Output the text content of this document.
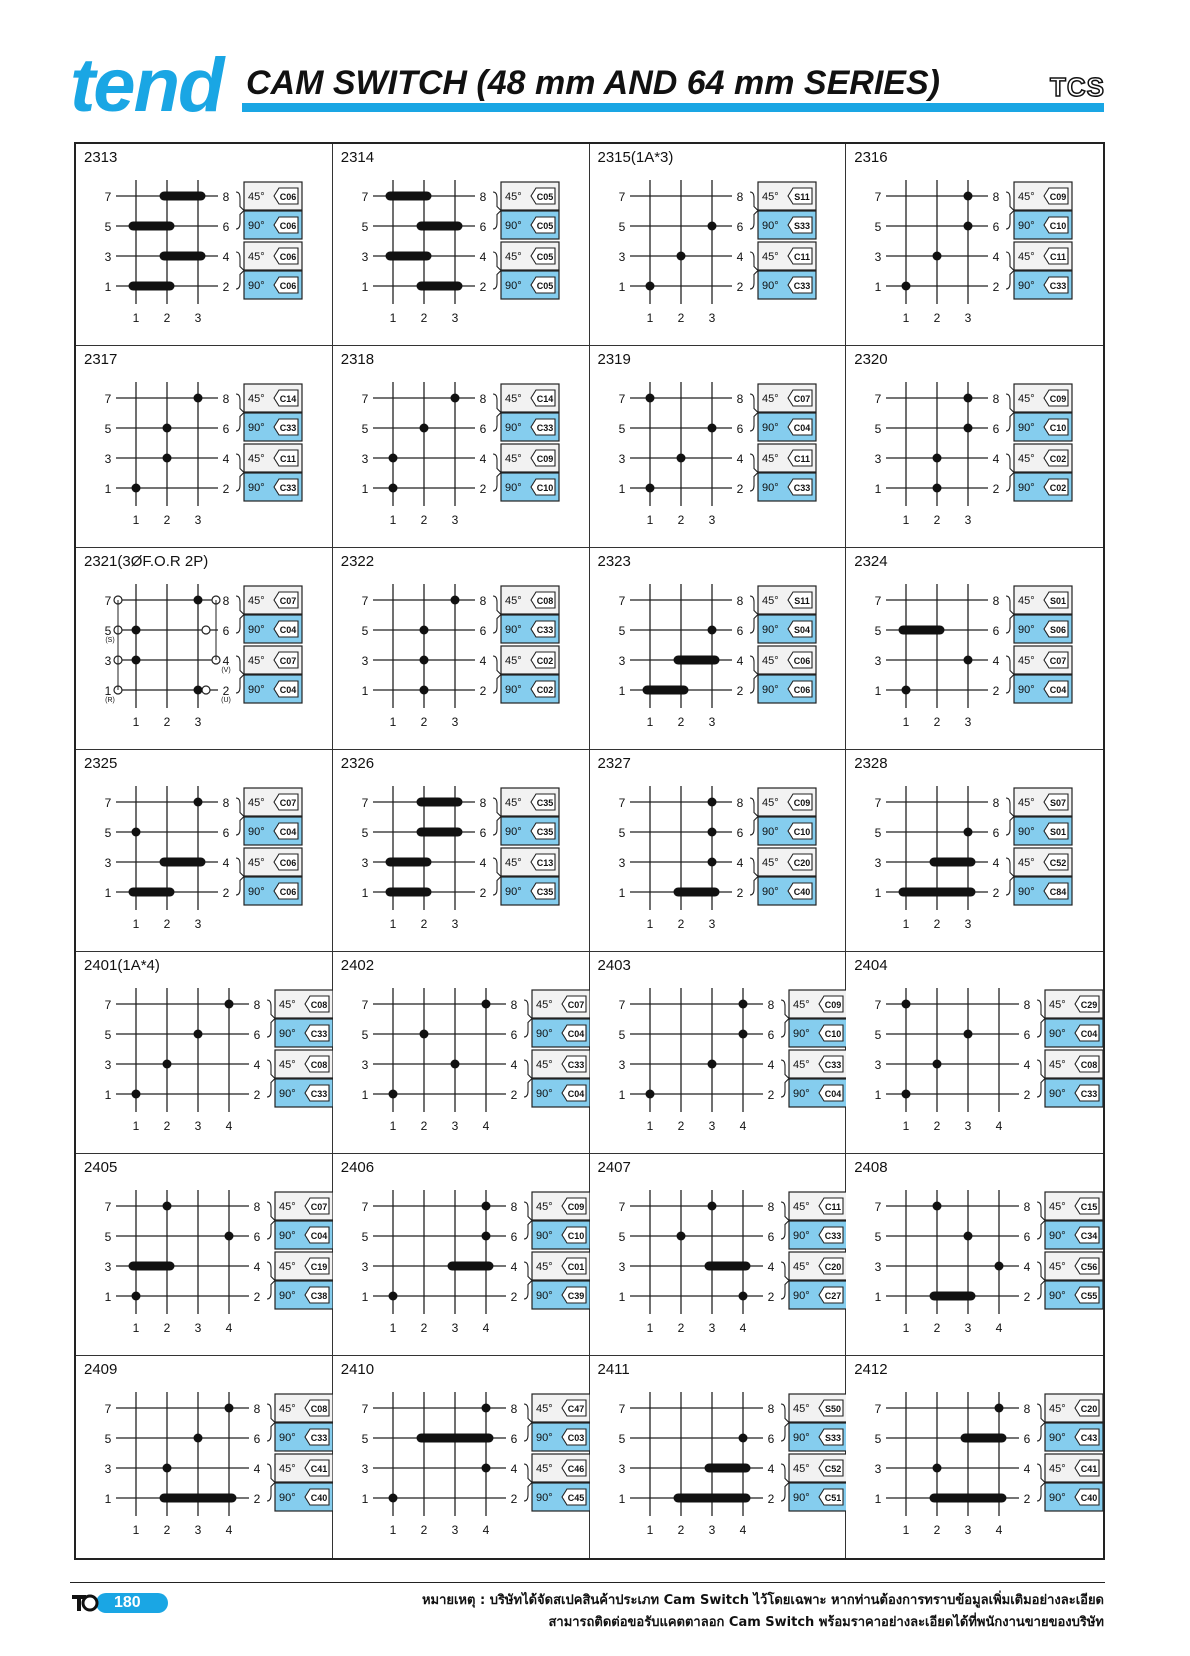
tend CAM SWITCH (48 mm AND 64 mm SERIES)	TCS
2313
7	8
5	6
3	4
1	2
1 2 3
45° C06
90° C06
45° C06
90° C06
2314
7	8
5	6
3	4
1	2
1 2 3
45° C05
90° C05
45° C05
90° C05
2315(1A*3)
7	8
5	6
3	4
1	2
1 2 3
45° S11
90° S33
45° C11
90° C33
2316
7	8
5	6
3	4
1	2
1 2 3
45° C09
90° C10
45° C11
90° C33
2317
7	8
5	6
3	4
1	2
1 2 3
45° C14
90° C33
45° C11
90° C33
2318
7	8
5	6
3	4
1	2
1 2 3
45° C14
90° C33
45° C09
90° C10
2319
7	8
5	6
3	4
1	2
1 2 3
45° C07
90° C04
45° C11
90° C33
2320
7	8
5	6
3	4
1	2
1 2 3
45° C09
90° C10
45° C02
90° C02
2321(3ØF.O.R 2P)
7	8
5	6
3	4
1	2
(S)
(R)
(V)
(U)
1 2 3
45° C07
90° C04
45° C07
90° C04
2322
7	8
5	6
3	4
1	2
1 2 3
45° C08
90° C33
45° C02
90° C02
2323
7	8
5	6
3	4
1	2
1 2 3
45° S11
90° S04
45° C06
90° C06
2324
7	8
5	6
3	4
1	2
1 2 3
45° S01
90° S06
45° C07
90° C04
2325
7	8
5	6
3	4
1	2
1 2 3
45° C07
90° C04
45° C06
90° C06
2326
7	8
5	6
3	4
1	2
1 2 3
45° C35
90° C35
45° C13
90° C35
2327
7	8
5	6
3	4
1	2
1 2 3
45° C09
90° C10
45° C20
90° C40
2328
7	8
5	6
3	4
1	2
1 2 3
45° S07
90° S01
45° C52
90° C84
2401(1A*4)
7	8
5	6
3	4
1	2
1 2 3 4
45° C08
90° C33
45° C08
90° C33
2402
7	8
5	6
3	4
1	2
1 2 3 4
45° C07
90° C04
45° C33
90° C04
2403
7	8
5	6
3	4
1	2
1 2 3 4
45° C09
90° C10
45° C33
90° C04
2404
7	8
5	6
3	4
1	2
1 2 3 4
45° C29
90° C04
45° C08
90° C33
2405
7	8
5	6
3	4
1	2
1 2 3 4
45° C07
90° C04
45° C19
90° C38
2406
7	8
5	6
3	4
1	2
1 2 3 4
45° C09
90° C10
45° C01
90° C39
2407
7	8
5	6
3	4
1	2
1 2 3 4
45° C11
90° C33
45° C20
90° C27
2408
7	8
5	6
3	4
1	2
1 2 3 4
45° C15
90° C34
45° C56
90° C55
2409
7	8
5	6
3	4
1	2
1 2 3 4
45° C08
90° C33
45° C41
90° C40
2410
7	8
5	6
3	4
1	2
1 2 3 4
45° C47
90° C03
45° C46
90° C45
2411
7	8
5	6
3	4
1	2
1 2 3 4
45° S50
90° S33
45° C52
90° C51
2412
7	8
5	6
3	4
1	2
1 2 3 4
45° C20
90° C43
45° C41
90° C40
180	หมายเหตุ : บริษัทได้จัดสเปคสินค้าประเภท Cam Switch ไว้โดยเฉพาะ หากท่านต้องการทราบข้อมูลเพิ่มเติมอย่างละเอียด
สามารถติดต่อขอรับแคตตาลอก Cam Switch พร้อมราคาอย่างละเอียดได้ที่พนักงานขายของบริษัท
